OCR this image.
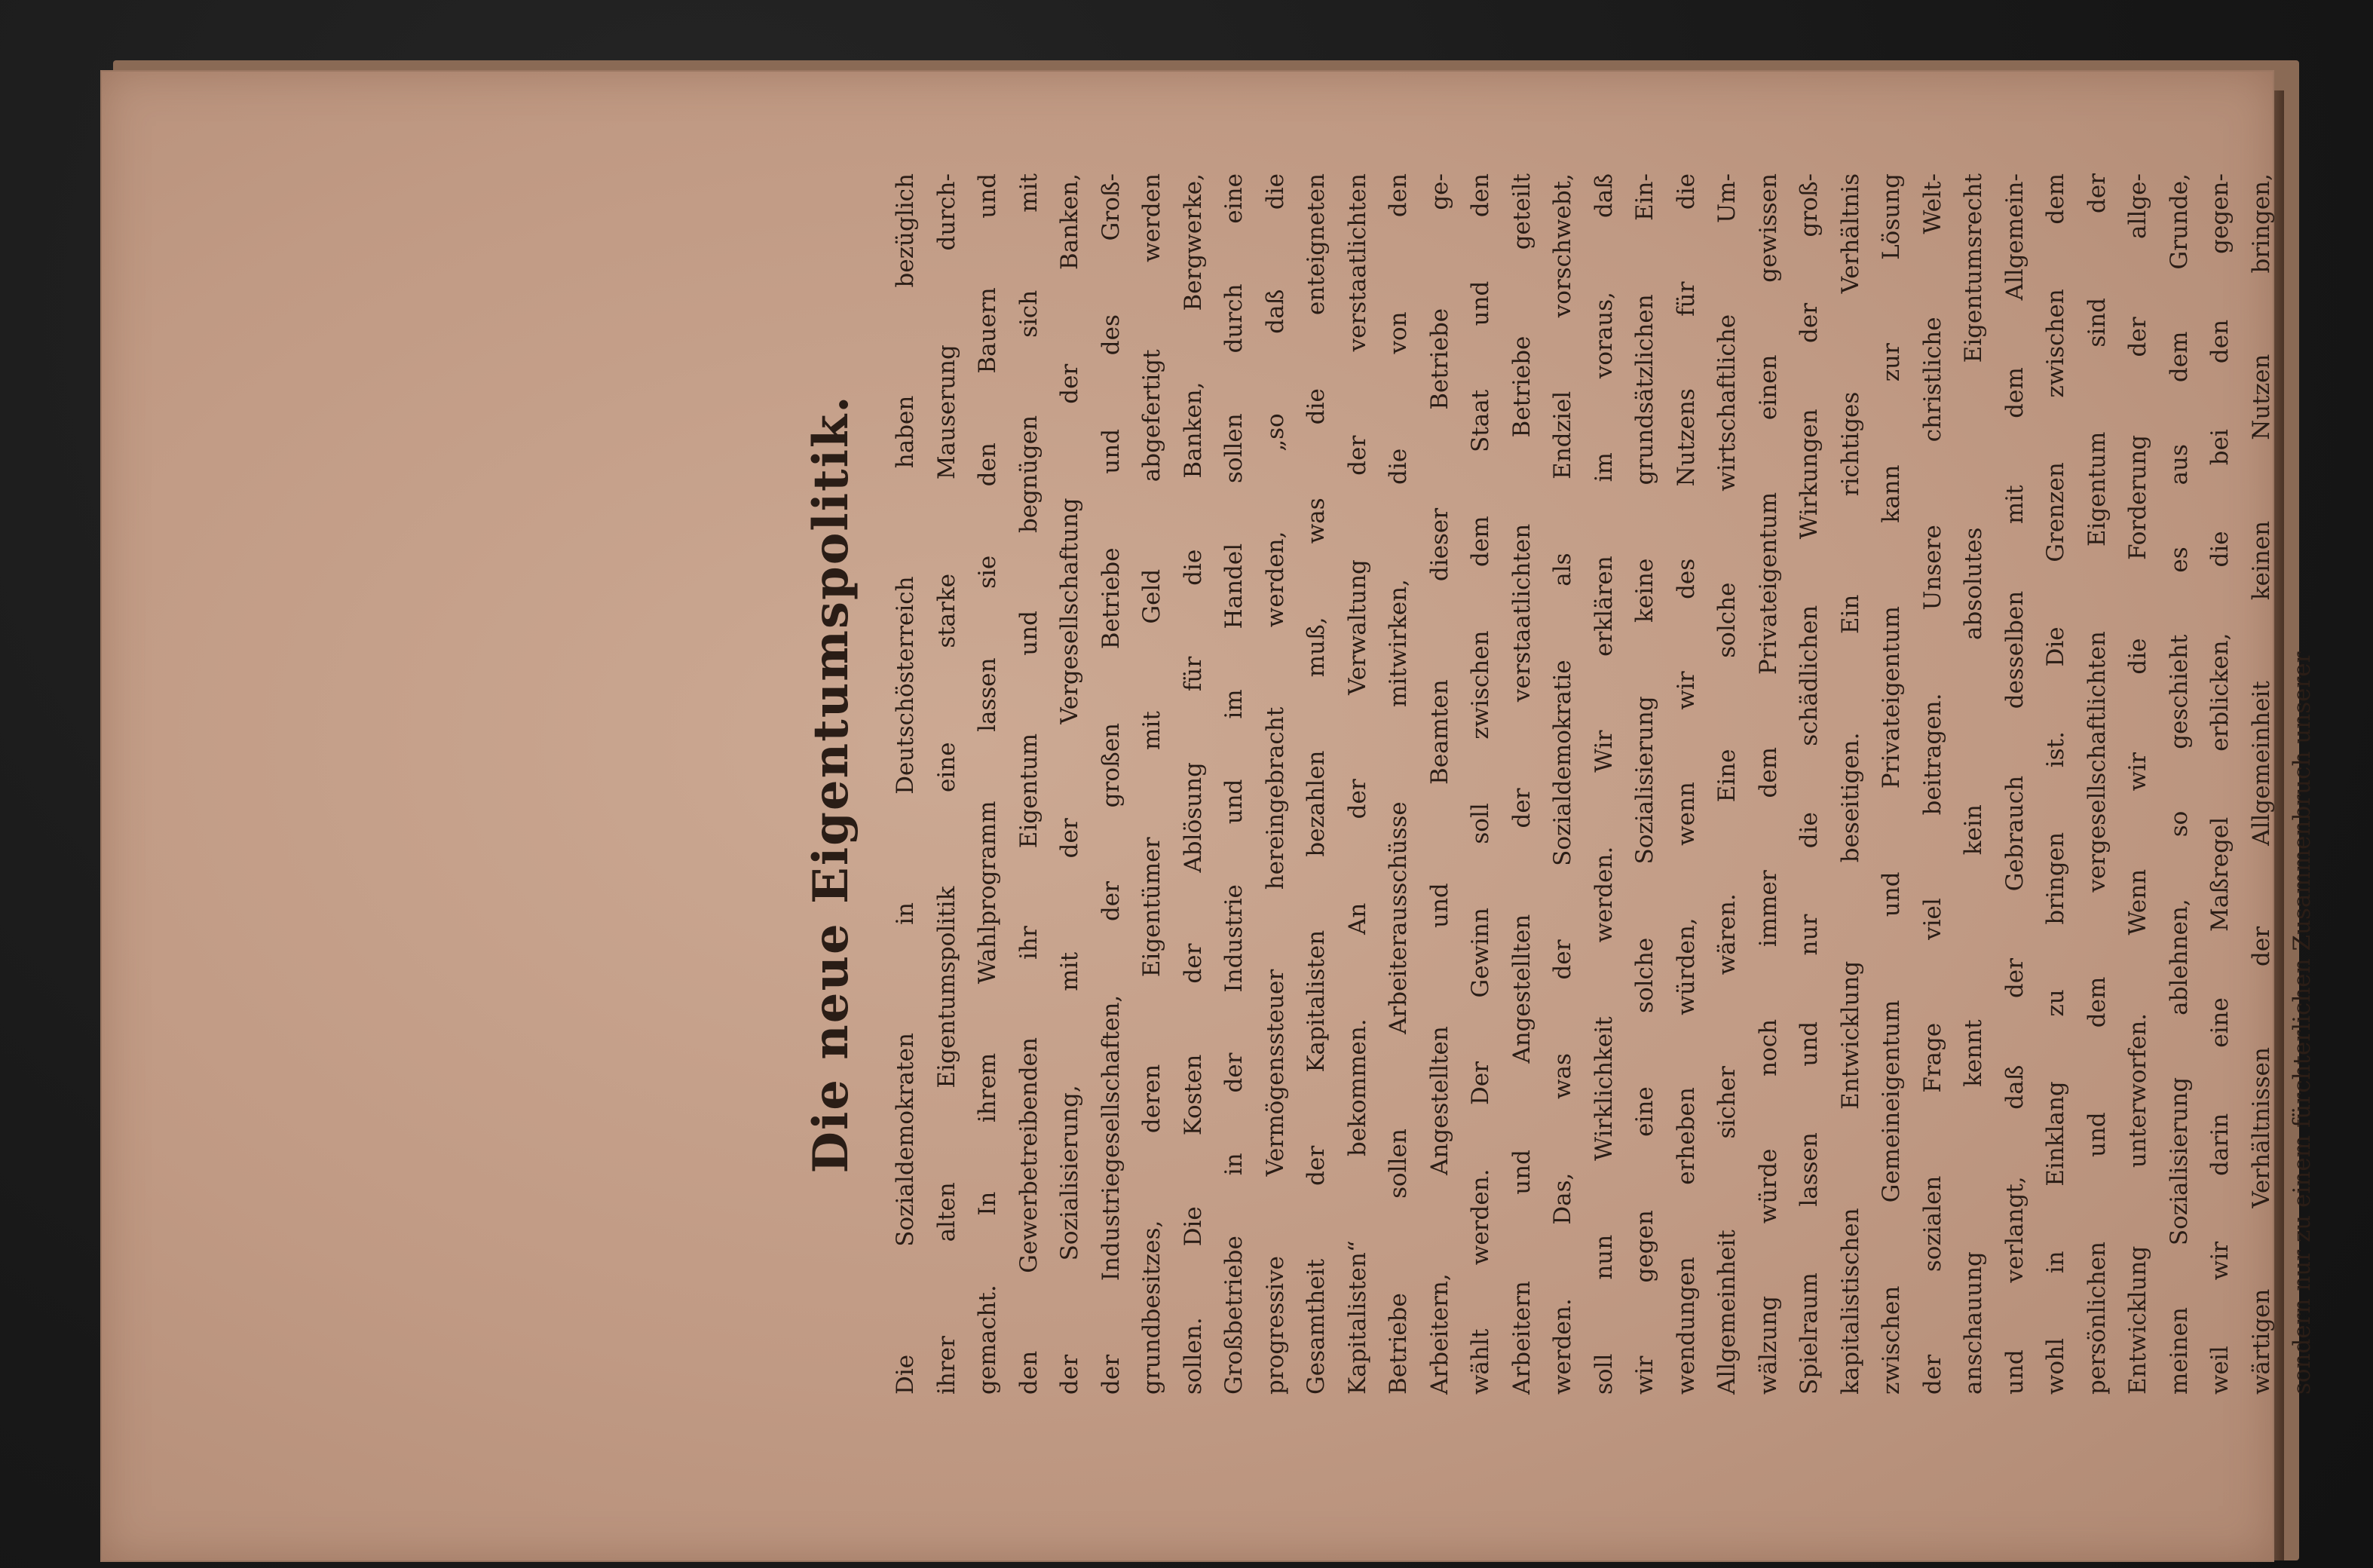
Die neue Eigentumspolitik. Die Sozialdemokraten in Deutschösterreich haben bezüglich ihrer alten Eigentumspolitik eine starke Mauserung durch- gemacht. In ihrem Wahlprogramm lassen sie den Bauern und den Gewerbetreibenden ihr Eigentum und begnügen sich mit der Sozialisierung, mit der Vergesellschaftung der Banken, der Industriegesellschaften, der großen Betriebe und des Groß- grundbesitzes, deren Eigentümer mit Geld abgefertigt werden sollen. Die Kosten der Ablösung für die Banken, Bergwerke, Großbetriebe in der Industrie und im Handel sollen durch eine progressive Vermögenssteuer hereingebracht werden, „so daß die Gesamtheit der Kapitalisten bezahlen muß, was die enteigneten Kapitalisten“ bekommen. An der Verwaltung der verstaatlichten Betriebe sollen Arbeiterausschüsse mitwirken, die von den Arbeitern, Angestellten und Beamten dieser Betriebe ge- wählt werden. Der Gewinn soll zwischen dem Staat und den Arbeitern und Angestellten der verstaatlichten Betriebe geteilt werden. Das, was der Sozialdemokratie als Endziel vorschwebt, soll nun Wirklichkeit werden. Wir erklären im voraus, daß wir gegen eine solche Sozialisierung keine grundsätzlichen Ein- wendungen erheben würden, wenn wir des Nutzens für die Allgemeinheit sicher wären. Eine solche wirtschaftliche Um- wälzung würde noch immer dem Privateigentum einen gewissen Spielraum lassen und nur die schädlichen Wirkungen der groß- kapitalistischen Entwicklung beseitigen. Ein richtiges Verhältnis zwischen Gemeineigentum und Privateigentum kann zur Lösung der sozialen Frage viel beitragen. Unsere christliche Welt- anschauung kennt kein absolutes Eigentumsrecht und verlangt, daß der Gebrauch desselben mit dem Allgemein- wohl in Einklang zu bringen ist. Die Grenzen zwischen dem persönlichen und dem vergesellschaftlichten Eigentum sind der Entwicklung unterworfen. Wenn wir die Forderung der allge- meinen Sozialisierung ablehnen, so geschieht es aus dem Grunde, weil wir darin eine Maßregel erblicken, die bei den gegen- wärtigen Verhältnissen der Allgemeinheit keinen Nutzen bringen, sondern nur zu einem fürchterlichen Zusammenbruch unserer
